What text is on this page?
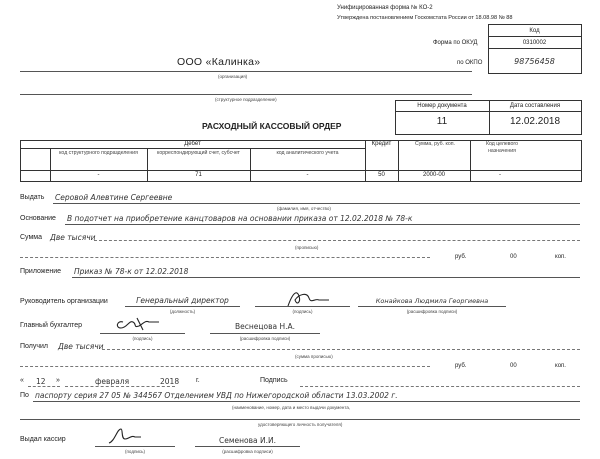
Унифицированная форма № КО-2
Утверждена постановлением Госкомстата России от 18.08.98 № 88
Код
Форма по ОКУД	0310002
по ОКПО	98756458
ООО «Калинка»
(организация)
(структурное подразделение)
Номер документа	Дата составления
11	12.02.2018
РАСХОДНЫЙ КАССОВЫЙ ОРДЕР
Дебет
код структурного подразделения	корреспондирующий счет, субсчет	код аналитического учета
Кредит	Сумма, руб. коп.	Код целевого назначения
-	71	-	50	2000-00	-
Выдать Серовой Алевтине Сергеевне
(фамилия, имя, отчество)
Основание В подотчет на приобретение канцтоваров на основании приказа от 12.02.2018 № 78-к
Сумма Две тысячи
(прописью)
руб.	00	коп.
Приложение Приказ № 78-к от 12.02.2018
Руководитель организации	Генеральный директор
(должность)	(подпись)
Конайкова Людмила Георгиевна
(расшифровка подписи)
Главный бухгалтер
(подпись)
Веснецова Н.А.
(расшифровка подписи)
Получил Две тысячи
(сумма прописью)
руб.	00	коп.
« 12 »	февраля	2018 г.	Подпись
По паспорту серия 27 05 № 344567 Отделением УВД по Нижегородской области 13.03.2002 г.
(наименование, номер, дата и место выдачи документа,
удостоверяющего личность получателя)
Выдал кассир
(подпись)
Семенова И.И.
(расшифровка подписи)
